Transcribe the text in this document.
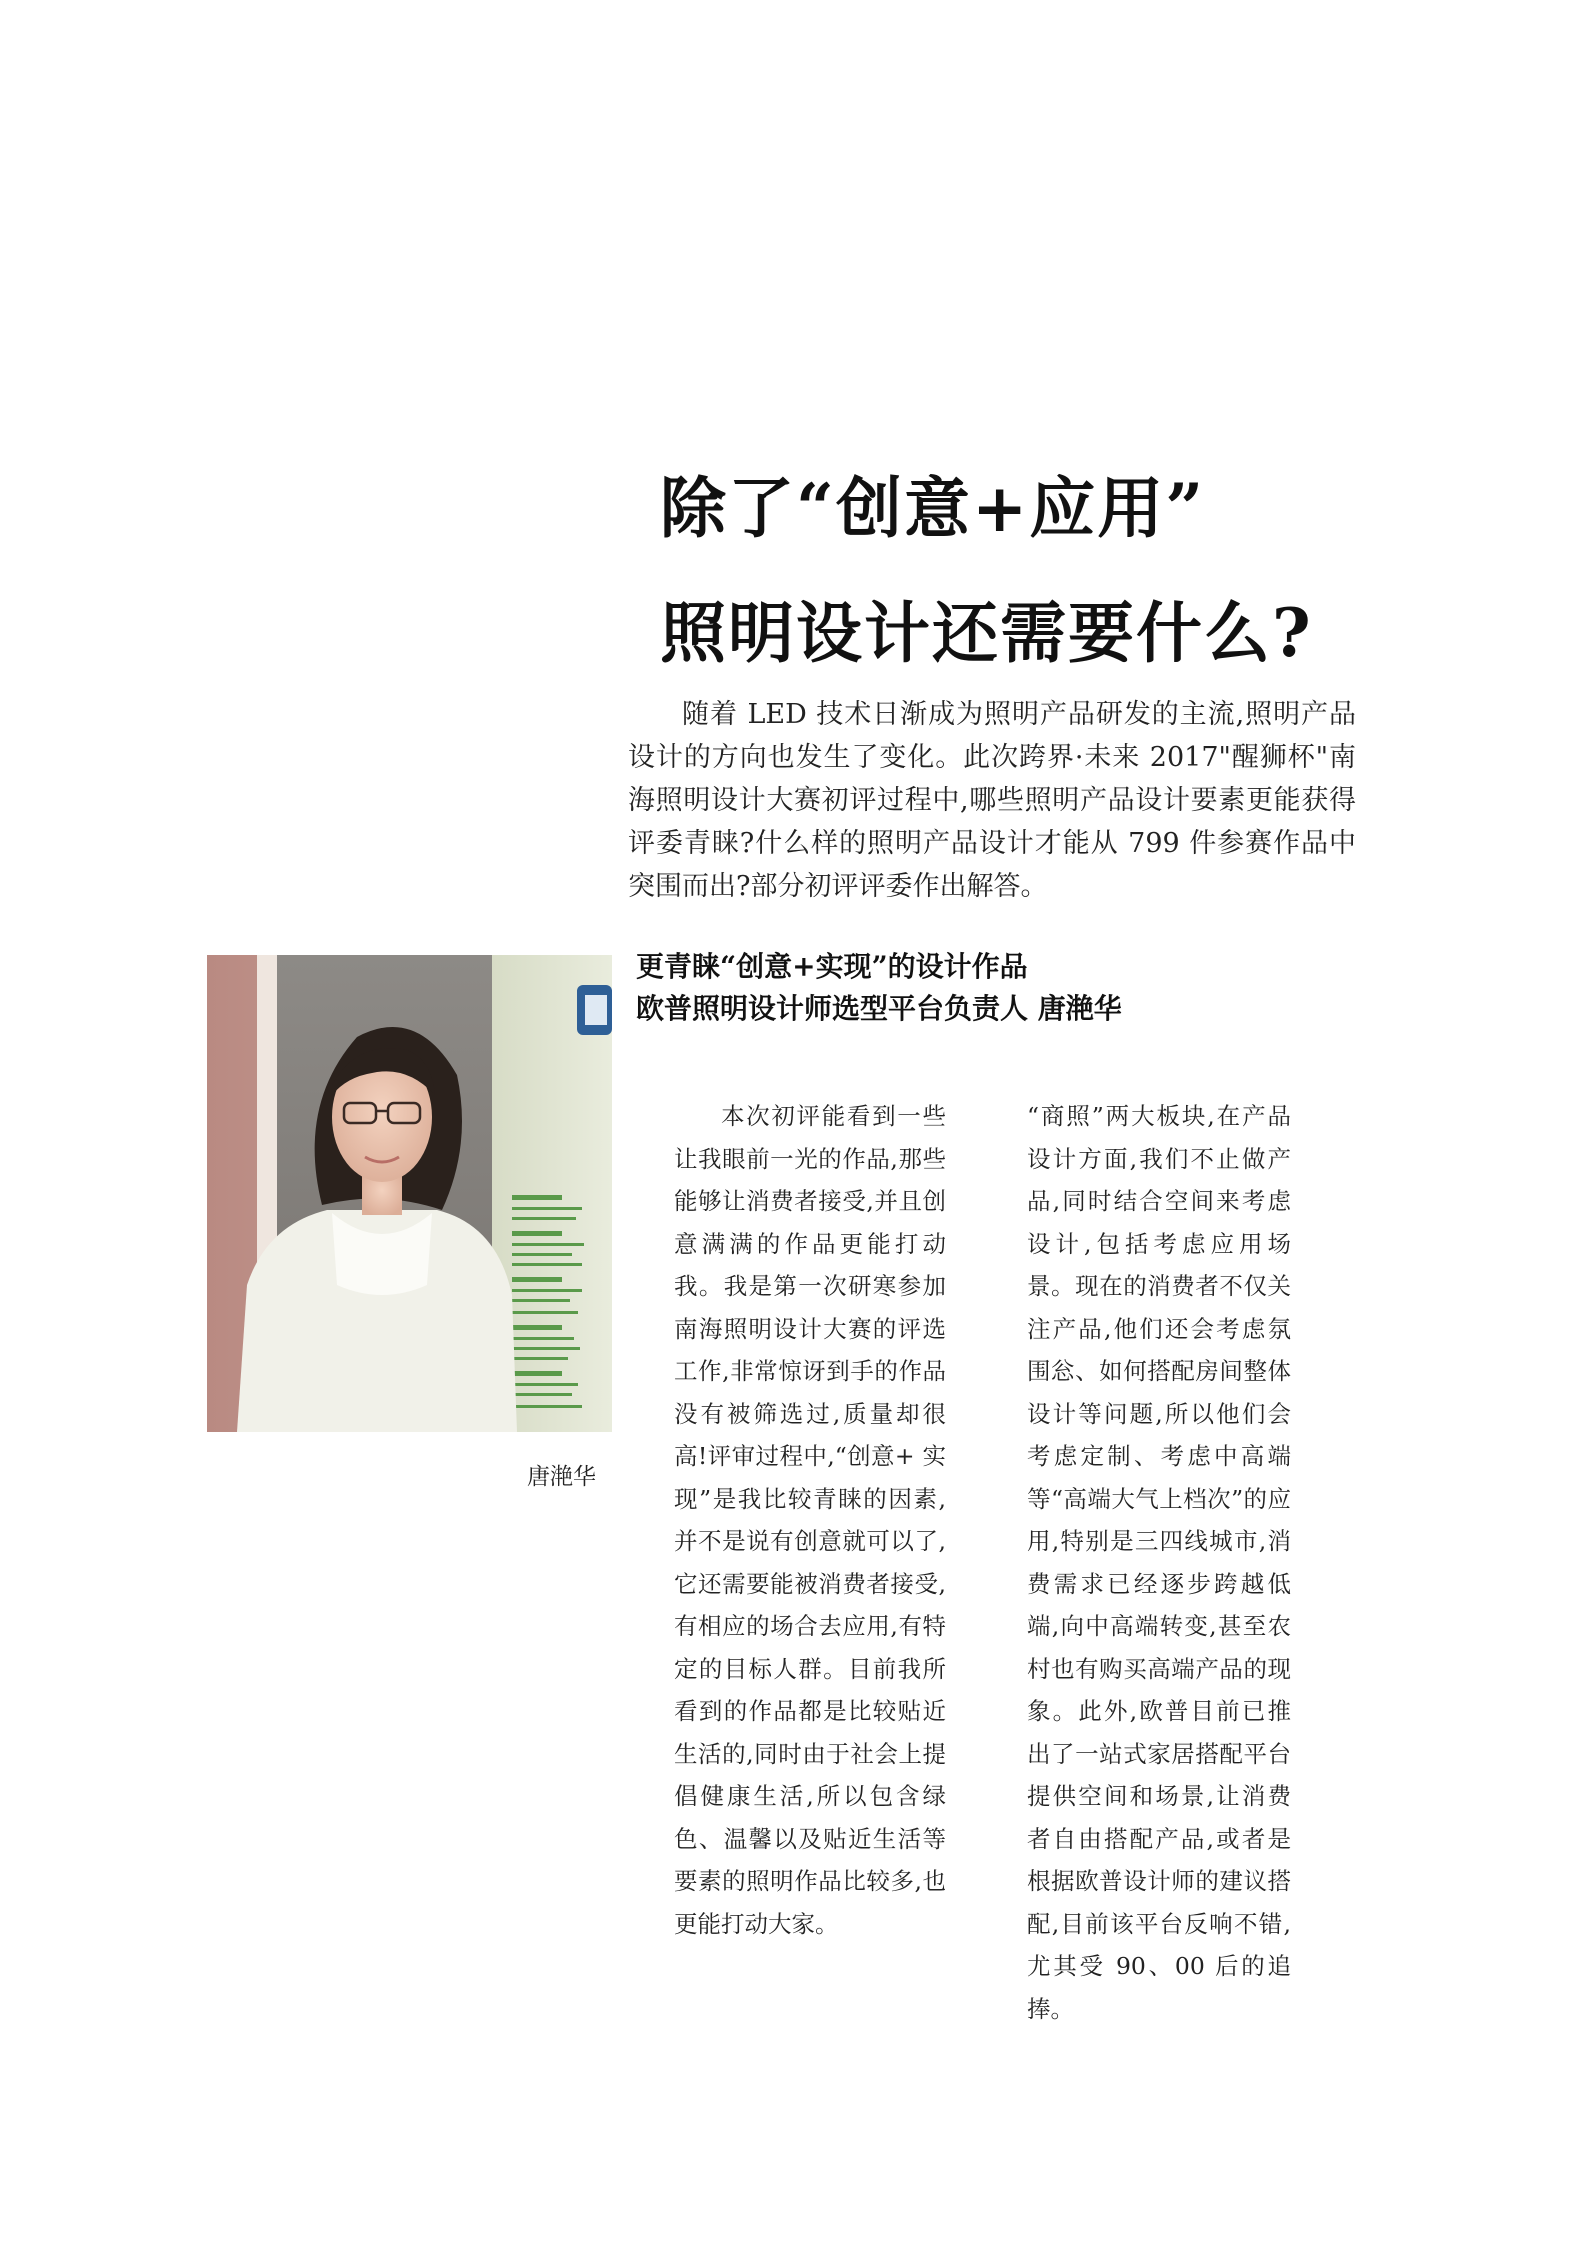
除了“创意+应用”
照明设计还需要什么?
随着 LED 技术日渐成为照明产品研发的主流,照明产品设计的方向也发生了变化。此次跨界·未来 2017"醒狮杯"南海照明设计大赛初评过程中,哪些照明产品设计要素更能获得评委青睐?什么样的照明产品设计才能从 799 件参赛作品中突围而出?部分初评评委作出解答。
更青睐“创意+实现”的设计作品
欧普照明设计师选型平台负责人 唐滟华
唐滟华
本次初评能看到一些让我眼前一光的作品,那些能够让消费者接受,并且创意满满的作品更能打动我。我是第一次研寒参加南海照明设计大赛的评选工作,非常惊讶到手的作品没有被筛选过,质量却很高!评审过程中,“创意+ 实现”是我比较青睐的因素,并不是说有创意就可以了,它还需要能被消费者接受,有相应的场合去应用,有特定的目标人群。目前我所看到的作品都是比较贴近生活的,同时由于社会上提倡健康生活,所以包含绿色、温馨以及贴近生活等要素的照明作品比较多,也更能打动大家。
“商照”两大板块,在产品设计方面,我们不止做产品,同时结合空间来考虑设计,包括考虑应用场景。现在的消费者不仅关注产品,他们还会考虑氛围忩、如何搭配房间整体设计等问题,所以他们会考虑定制、考虑中高端等“高端大气上档次”的应用,特别是三四线城市,消费需求已经逐步跨越低端,向中高端转变,甚至农村也有购买高端产品的现象。此外,欧普目前已推出了一站式家居搭配平台提供空间和场景,让消费者自由搭配产品,或者是根据欧普设计师的建议搭配,目前该平台反响不错,尤其受 90、00 后的追捧。
